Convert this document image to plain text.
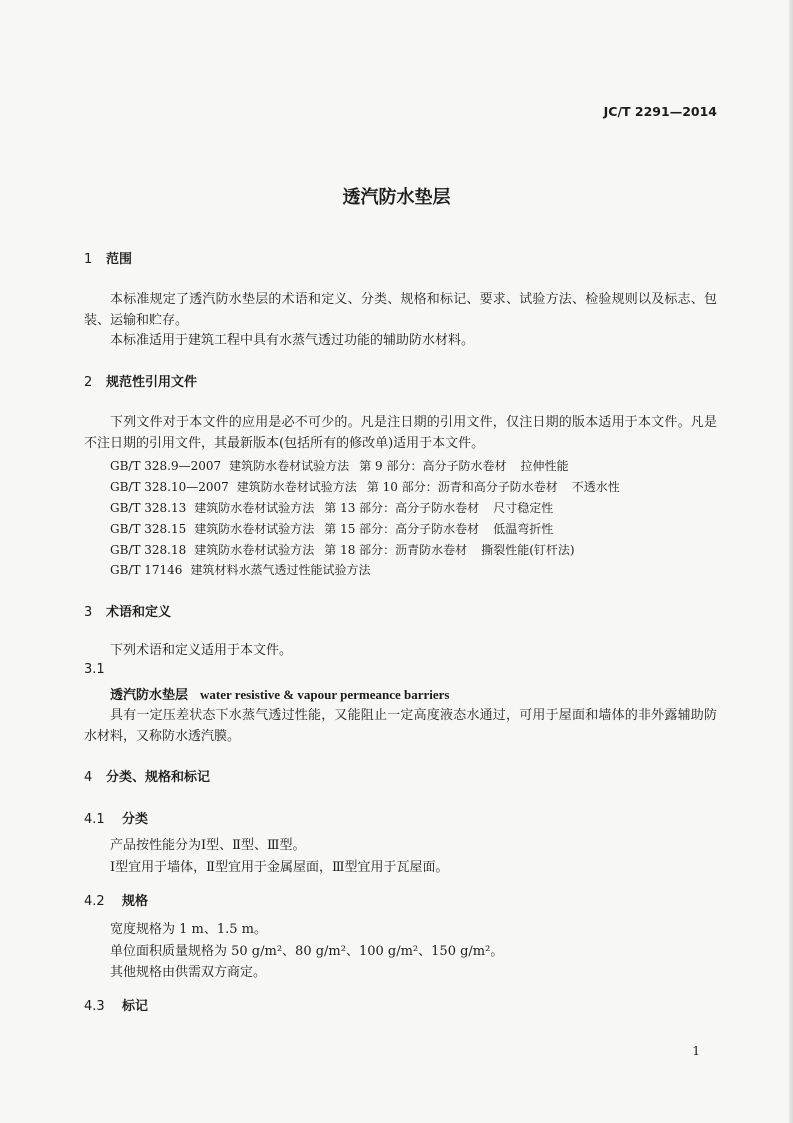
JC/T 2291—2014
透汽防水垫层
1 范围
本标准规定了透汽防水垫层的术语和定义、分类、规格和标记、要求、试验方法、检验规则以及标志、包装、运输和贮存。
本标准适用于建筑工程中具有水蒸气透过功能的辅助防水材料。
2 规范性引用文件
下列文件对于本文件的应用是必不可少的。凡是注日期的引用文件，仅注日期的版本适用于本文件。凡是不注日期的引用文件，其最新版本(包括所有的修改单)适用于本文件。
GB/T 328.9—2007 建筑防水卷材试验方法 第 9 部分：高分子防水卷材 拉伸性能
GB/T 328.10—2007 建筑防水卷材试验方法 第 10 部分：沥青和高分子防水卷材 不透水性
GB/T 328.13 建筑防水卷材试验方法 第 13 部分：高分子防水卷材 尺寸稳定性
GB/T 328.15 建筑防水卷材试验方法 第 15 部分：高分子防水卷材 低温弯折性
GB/T 328.18 建筑防水卷材试验方法 第 18 部分：沥青防水卷材 撕裂性能(钉杆法)
GB/T 17146 建筑材料水蒸气透过性能试验方法
3 术语和定义
下列术语和定义适用于本文件。
3.1
透汽防水垫层 water resistive & vapour permeance barriers
具有一定压差状态下水蒸气透过性能，又能阻止一定高度液态水通过，可用于屋面和墙体的非外露辅助防水材料，又称防水透汽膜。
4 分类、规格和标记
4.1 分类
产品按性能分为Ⅰ型、Ⅱ型、Ⅲ型。
Ⅰ型宜用于墙体，Ⅱ型宜用于金属屋面，Ⅲ型宜用于瓦屋面。
4.2 规格
宽度规格为 1 m、1.5 m。
单位面积质量规格为 50 g/m²、80 g/m²、100 g/m²、150 g/m²。
其他规格由供需双方商定。
4.3 标记
1
